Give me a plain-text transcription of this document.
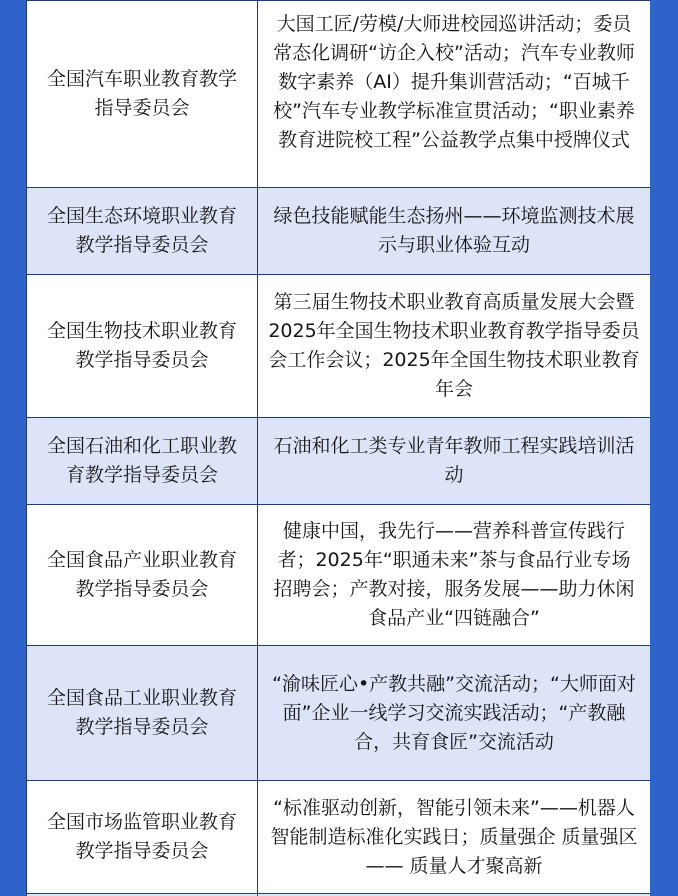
全国汽车职业教育教学指导委员会	大国工匠/劳模/大师进校园巡讲活动；委员常态化调研“访企入校”活动；汽车专业教师数字素养（AI）提升集训营活动；“百城千校”汽车专业教学标准宣贯活动；“职业素养教育进院校工程”公益教学点集中授牌仪式

全国生态环境职业教育教学指导委员会	绿色技能赋能生态扬州——环境监测技术展示与职业体验互动
全国生物技术职业教育教学指导委员会	第三届生物技术职业教育高质量发展大会暨2025年全国生物技术职业教育教学指导委员会工作会议；2025年全国生物技术职业教育年会
全国石油和化工职业教育教学指导委员会	石油和化工类专业青年教师工程实践培训活动
全国食品产业职业教育教学指导委员会	健康中国，我先行——营养科普宣传践行者；2025年“职通未来”茶与食品行业专场招聘会；产教对接，服务发展——助力休闲食品产业“四链融合”
全国食品工业职业教育教学指导委员会	“渝味匠心•产教共融”交流活动；“大师面对面”企业一线学习交流实践活动；“产教融合，共育食匠”交流活动
全国市场监管职业教育教学指导委员会	“标准驱动创新，智能引领未来”——机器人智能制造标准化实践日；质量强企 质量强区 —— 质量人才聚高新
